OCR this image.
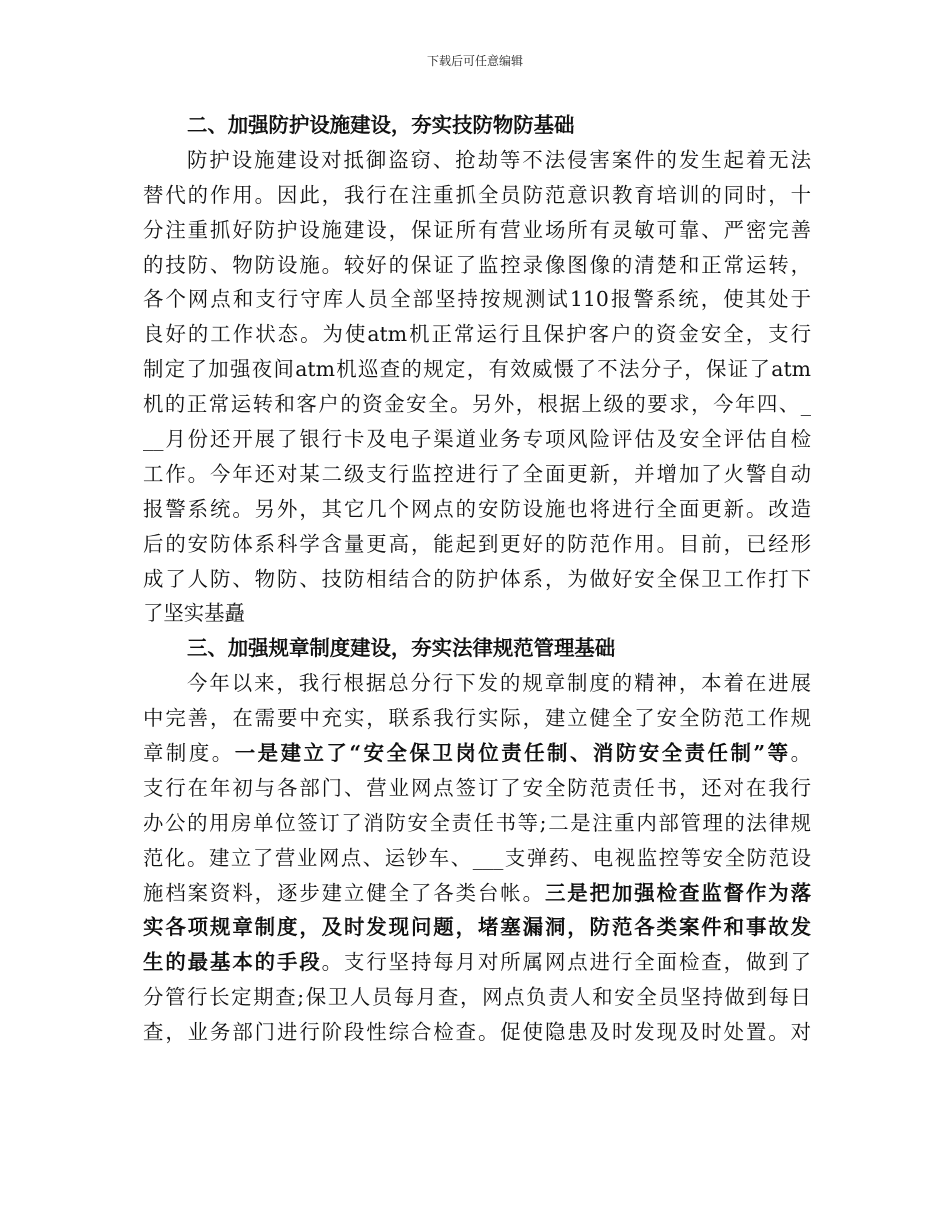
下载后可任意编辑
二、加强防护设施建设，夯实技防物防基础
防护设施建设对抵御盗窃、抢劫等不法侵害案件的发生起着无法
替代的作用。因此，我行在注重抓全员防范意识教育培训的同时，十
分注重抓好防护设施建设，保证所有营业场所有灵敏可靠、严密完善
的技防、物防设施。较好的保证了监控录像图像的清楚和正常运转，
各个网点和支行守库人员全部坚持按规测试110报警系统，使其处于
良好的工作状态。为使atm机正常运行且保护客户的资金安全，支行
制定了加强夜间atm机巡查的规定，有效威慑了不法分子，保证了atm
机的正常运转和客户的资金安全。另外，根据上级的要求，今年四、_
__月份还开展了银行卡及电子渠道业务专项风险评估及安全评估自检
工作。今年还对某二级支行监控进行了全面更新，并增加了火警自动
报警系统。另外，其它几个网点的安防设施也将进行全面更新。改造
后的安防体系科学含量更高，能起到更好的防范作用。目前，已经形
成了人防、物防、技防相结合的防护体系，为做好安全保卫工作打下
了坚实基矗
三、加强规章制度建设，夯实法律规范管理基础
今年以来，我行根据总分行下发的规章制度的精神，本着在进展
中完善，在需要中充实，联系我行实际，建立健全了安全防范工作规
章制度。一是建立了“安全保卫岗位责任制、消防安全责任制”等。
支行在年初与各部门、营业网点签订了安全防范责任书，还对在我行
办公的用房单位签订了消防安全责任书等;二是注重内部管理的法律规
范化。建立了营业网点、运钞车、___支弹药、电视监控等安全防范设
施档案资料，逐步建立健全了各类台帐。三是把加强检查监督作为落
实各项规章制度，及时发现问题，堵塞漏洞，防范各类案件和事故发
生的最基本的手段。支行坚持每月对所属网点进行全面检查，做到了
分管行长定期查;保卫人员每月查，网点负责人和安全员坚持做到每日
查，业务部门进行阶段性综合检查。促使隐患及时发现及时处置。对
